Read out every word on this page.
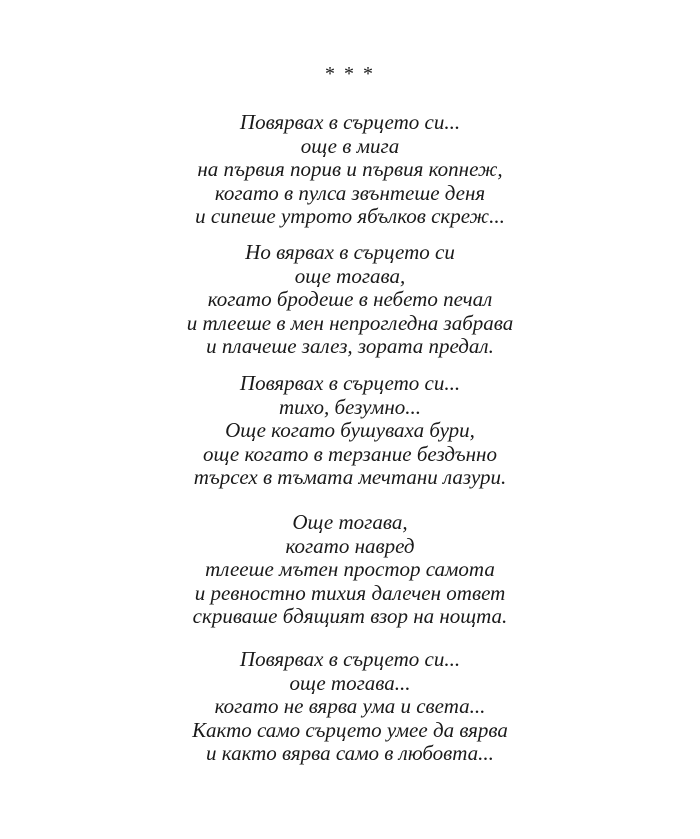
* * *
Повярвах в сърцето си...
още в мига
на първия порив и първия копнеж,
когато в пулса звънтеше деня
и сипеше утрото ябълков скреж...
Но вярвах в сърцето си
още тогава,
когато бродеше в небето печал
и тлееше в мен непрогледна забрава
и плачеше залез, зората предал.
Повярвах в сърцето си...
тихо, безумно...
Още когато бушуваха бури,
още когато в терзание бездънно
търсех в тъмата мечтани лазури.
Още тогава,
когато навред
тлееше мътен простор самота
и ревностно тихия далечен ответ
скриваше бдящият взор на нощта.
Повярвах в сърцето си...
още тогава...
когато не вярва ума и света...
Както само сърцето умее да вярва
и както вярва само в любовта...
